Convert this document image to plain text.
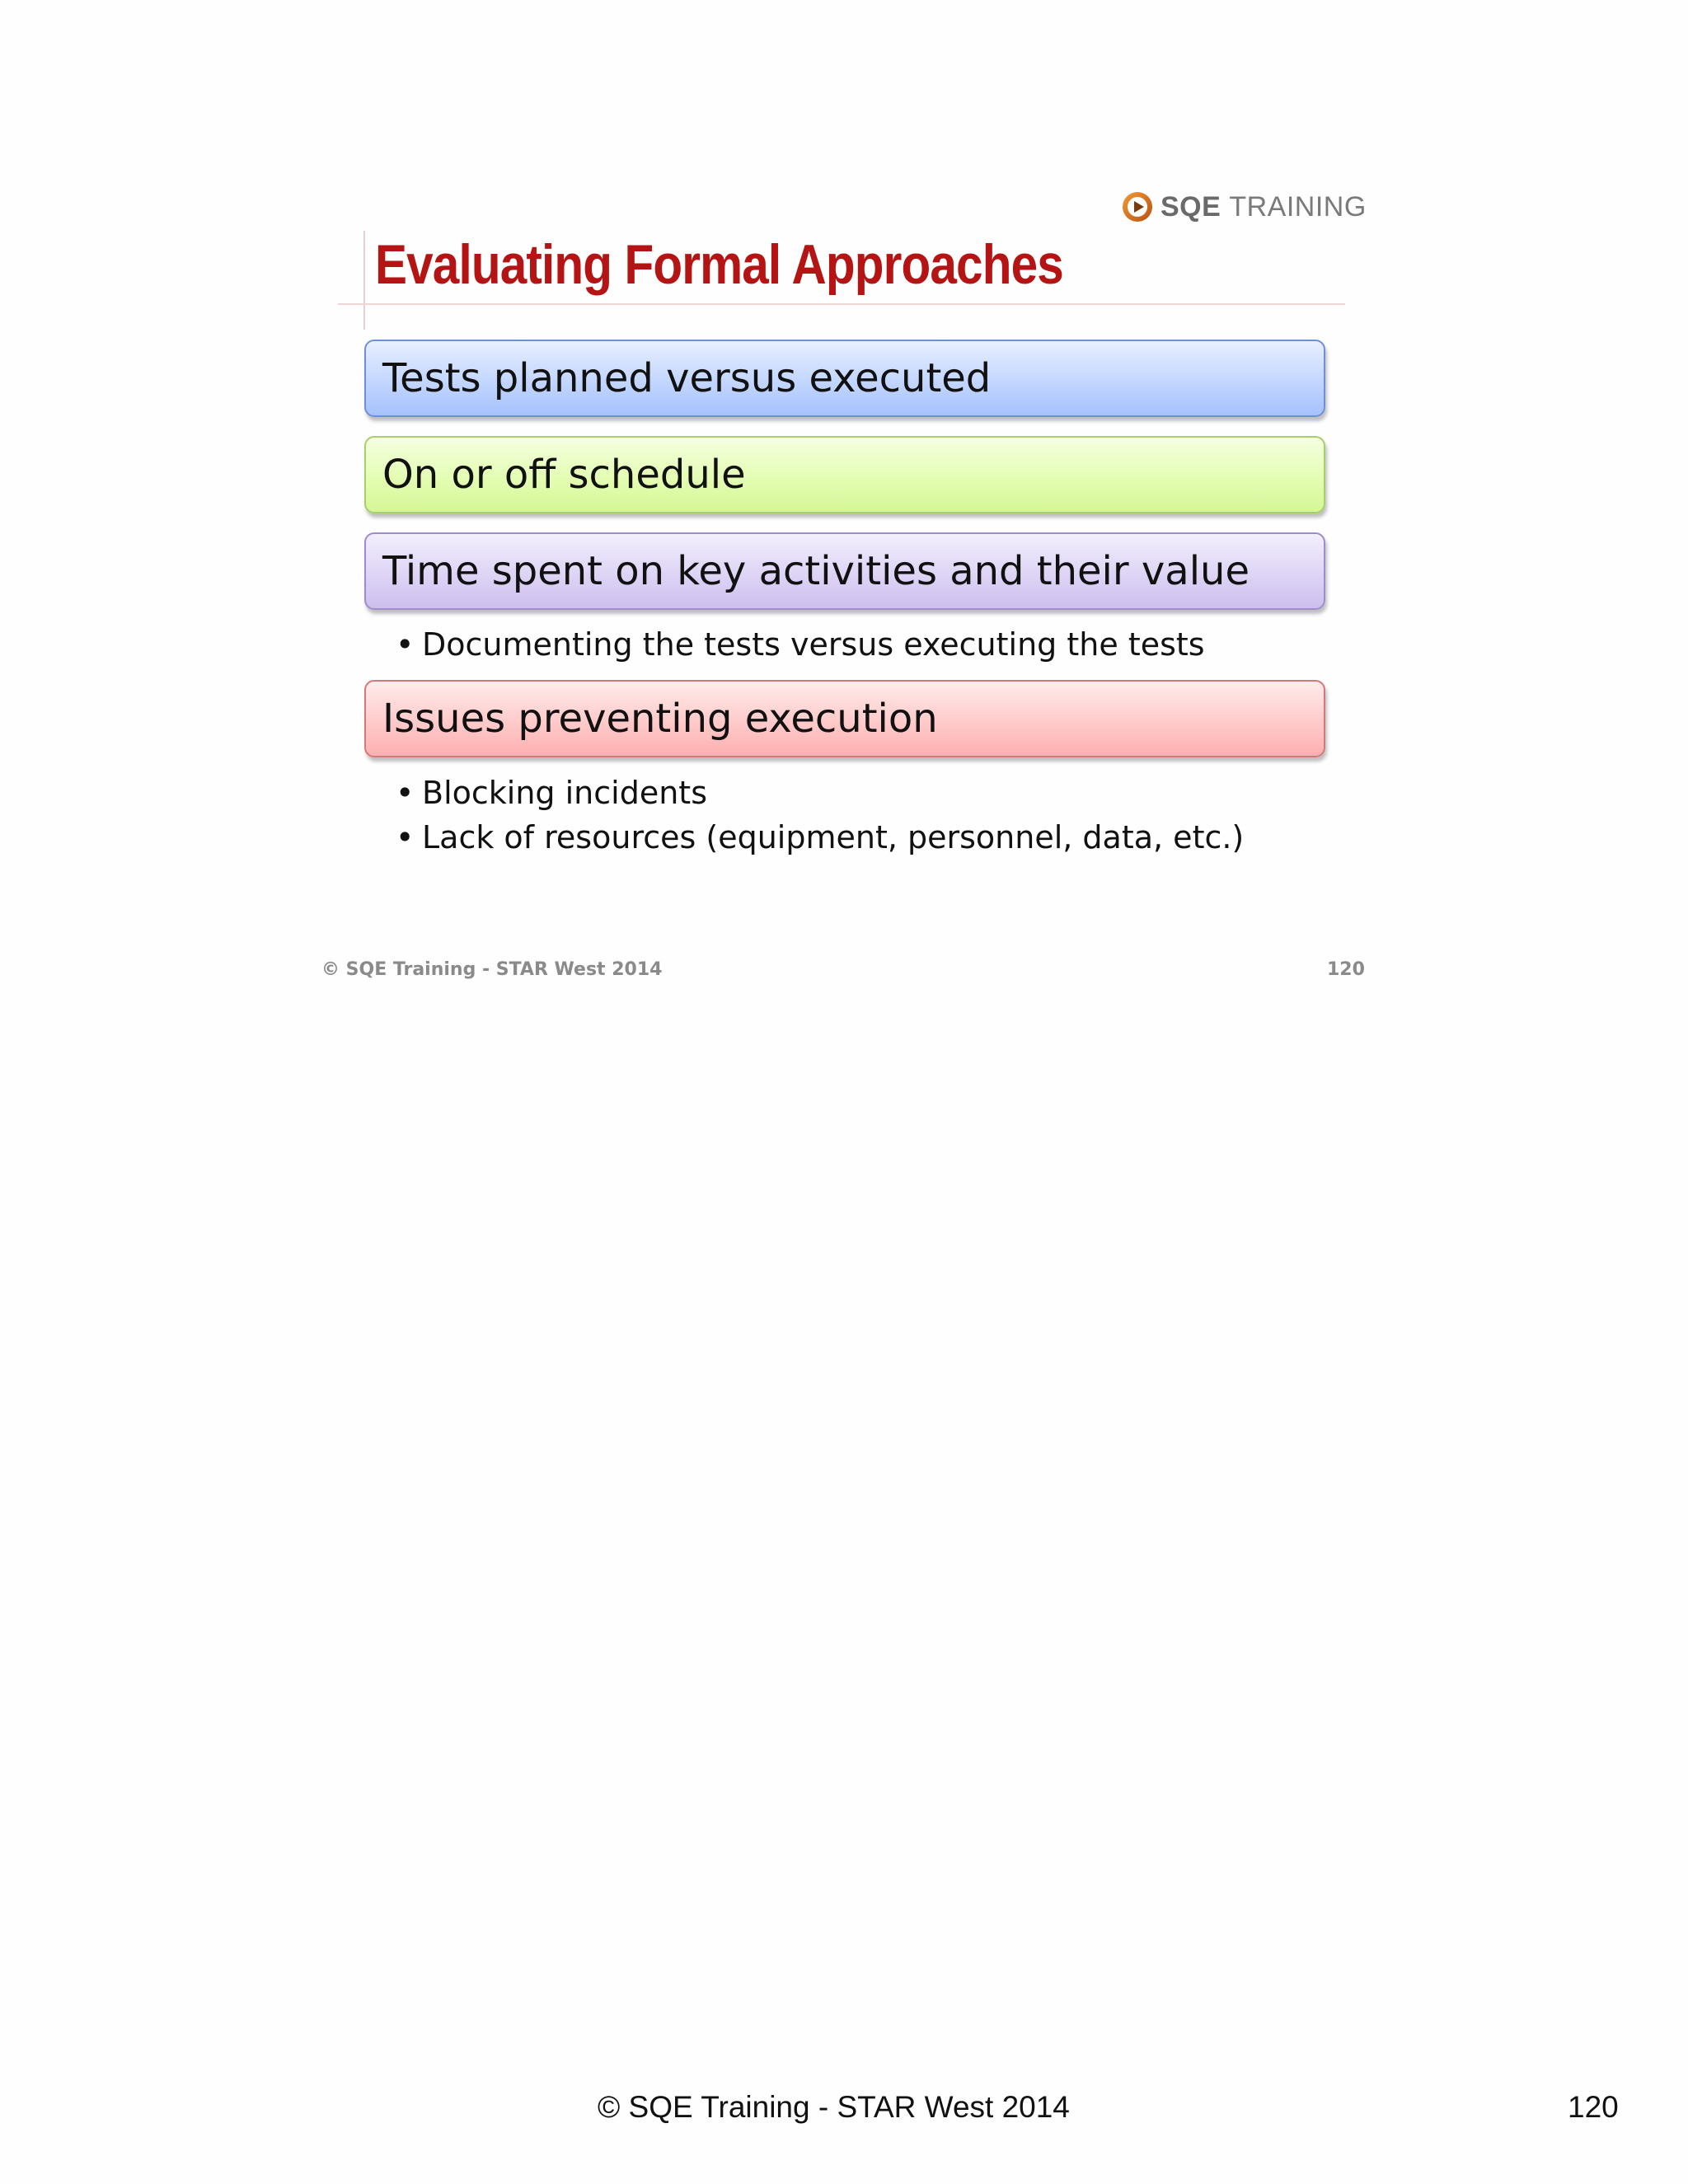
SQE TRAINING
Evaluating Formal Approaches
Tests planned versus executed
On or off schedule
Time spent on key activities and their value
• Documenting the tests versus executing the tests
Issues preventing execution
• Blocking incidents
• Lack of resources (equipment, personnel, data, etc.)
© SQE Training - STAR West 2014	120
© SQE Training - STAR West 2014	120
